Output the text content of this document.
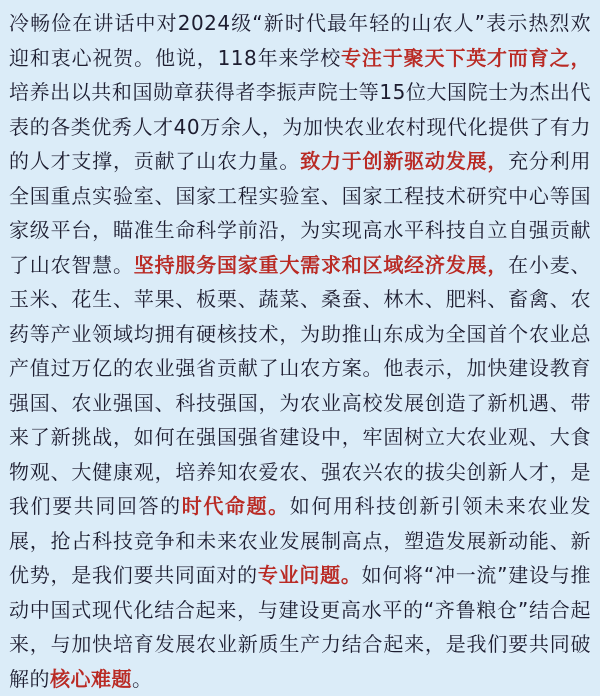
冷畅俭在讲话中对2024级“新时代最年轻的山农人”表示热烈欢迎和衷心祝贺。他说，118年来学校专注于聚天下英才而育之，培养出以共和国勋章获得者李振声院士等15位大国院士为杰出代表的各类优秀人才40万余人，为加快农业农村现代化提供了有力的人才支撑，贡献了山农力量。致力于创新驱动发展，充分利用全国重点实验室、国家工程实验室、国家工程技术研究中心等国家级平台，瞄准生命科学前沿，为实现高水平科技自立自强贡献了山农智慧。坚持服务国家重大需求和区域经济发展，在小麦、玉米、花生、苹果、板栗、蔬菜、桑蚕、林木、肥料、畜禽、农药等产业领域均拥有硬核技术，为助推山东成为全国首个农业总产值过万亿的农业强省贡献了山农方案。他表示，加快建设教育强国、农业强国、科技强国，为农业高校发展创造了新机遇、带来了新挑战，如何在强国强省建设中，牢固树立大农业观、大食物观、大健康观，培养知农爱农、强农兴农的拔尖创新人才，是我们要共同回答的时代命题。如何用科技创新引领未来农业发展，抢占科技竞争和未来农业发展制高点，塑造发展新动能、新优势，是我们要共同面对的专业问题。如何将“冲一流”建设与推动中国式现代化结合起来，与建设更高水平的“齐鲁粮仓”结合起来，与加快培育发展农业新质生产力结合起来，是我们要共同破解的核心难题。
